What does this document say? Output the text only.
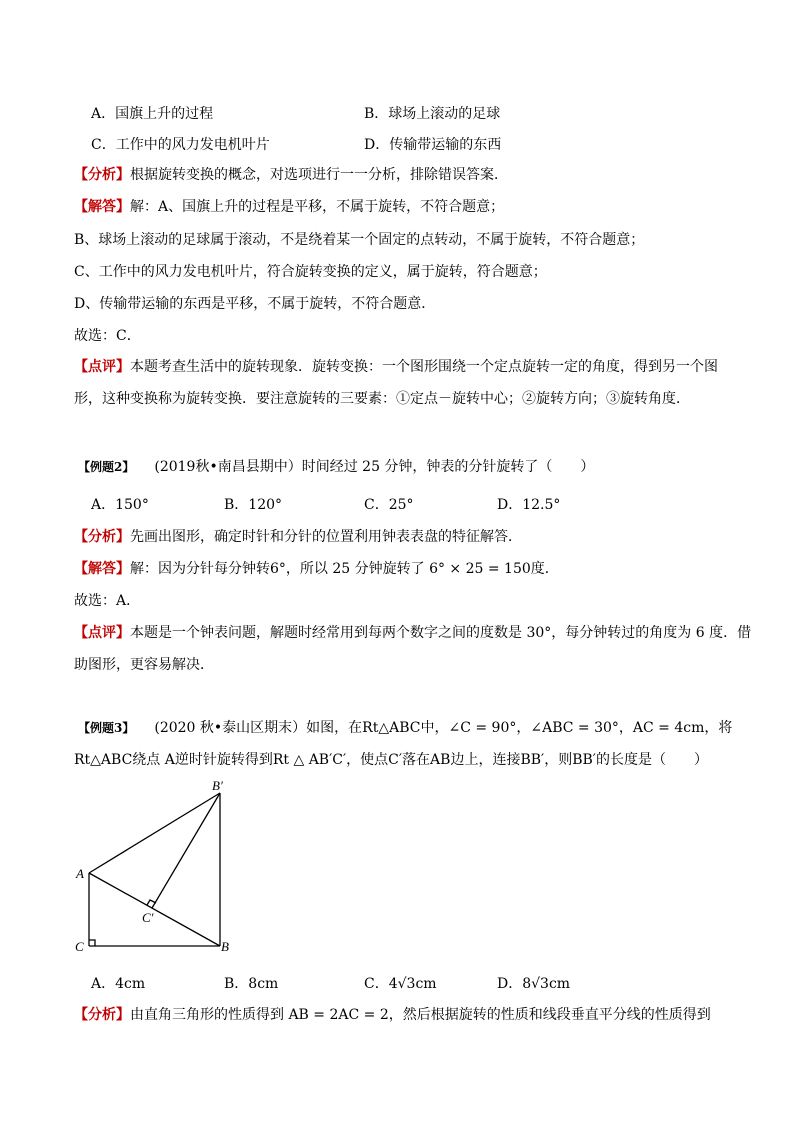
A．国旗上升的过程	B．球场上滚动的足球
C．工作中的风力发电机叶片	D．传输带运输的东西
【分析】根据旋转变换的概念，对选项进行一一分析，排除错误答案．
【解答】解：A、国旗上升的过程是平移，不属于旋转，不符合题意；
B、球场上滚动的足球属于滚动，不是绕着某一个固定的点转动，不属于旋转，不符合题意；
C、工作中的风力发电机叶片，符合旋转变换的定义，属于旋转，符合题意；
D、传输带运输的东西是平移，不属于旋转，不符合题意．
故选：C．
【点评】本题考查生活中的旋转现象．旋转变换：一个图形围绕一个定点旋转一定的角度，得到另一个图
形，这种变换称为旋转变换．要注意旋转的三要素：①定点－旋转中心；②旋转方向；③旋转角度．
【例题2】 (2019秋•南昌县期中）时间经过 25 分钟，钟表的分针旋转了（　　）
A．150°	B．120°	C．25°	D．12.5°
【分析】先画出图形，确定时针和分针的位置利用钟表表盘的特征解答．
【解答】解：因为分针每分钟转6°，所以 25 分钟旋转了 6° × 25 = 150度．
故选：A．
【点评】本题是一个钟表问题，解题时经常用到每两个数字之间的度数是 30°，每分钟转过的角度为 6 度．借
助图形，更容易解决．
【例题3】 (2020 秋•泰山区期末）如图，在Rt△ABC中，∠C = 90°，∠ABC = 30°，AC = 4cm，将
Rt△ABC绕点 A逆时针旋转得到Rt △ AB′C′，使点C′落在AB边上，连接BB′，则BB′的长度是（　　）
B′
A
C′
C	B
A．4cm	B．8cm	C．4√3cm	D．8√3cm
【分析】由直角三角形的性质得到 AB = 2AC = 2，然后根据旋转的性质和线段垂直平分线的性质得到
